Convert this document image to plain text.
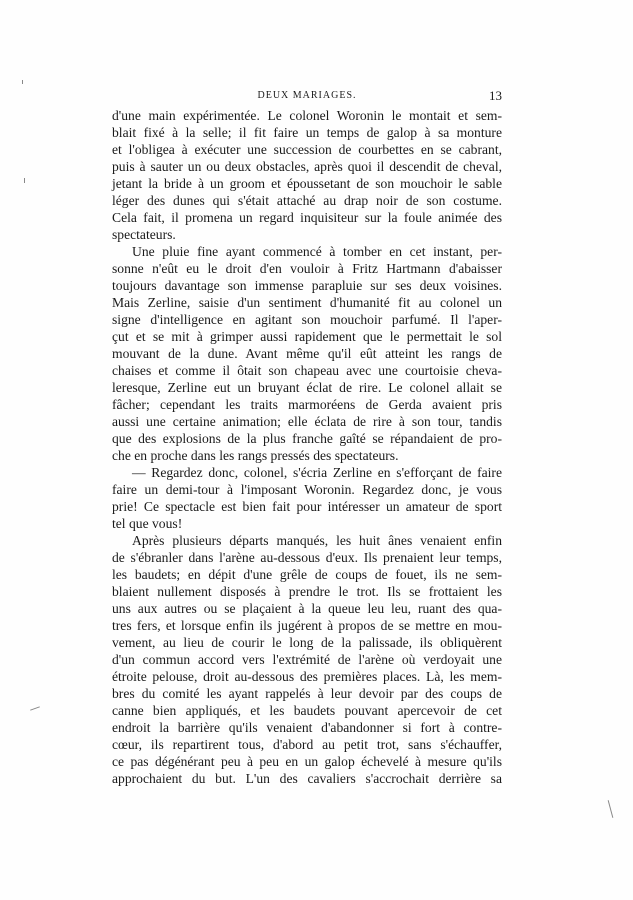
DEUX MARIAGES.	13
d'une main expérimentée. Le colonel Woronin le montait et sem-
blait fixé à la selle; il fit faire un temps de galop à sa monture
et l'obligea à exécuter une succession de courbettes en se cabrant,
puis à sauter un ou deux obstacles, après quoi il descendit de cheval,
jetant la bride à un groom et époussetant de son mouchoir le sable
léger des dunes qui s'était attaché au drap noir de son costume.
Cela fait, il promena un regard inquisiteur sur la foule animée des
spectateurs.
Une pluie fine ayant commencé à tomber en cet instant, per-
sonne n'eût eu le droit d'en vouloir à Fritz Hartmann d'abaisser
toujours davantage son immense parapluie sur ses deux voisines.
Mais Zerline, saisie d'un sentiment d'humanité fit au colonel un
signe d'intelligence en agitant son mouchoir parfumé. Il l'aper-
çut et se mit à grimper aussi rapidement que le permettait le sol
mouvant de la dune. Avant même qu'il eût atteint les rangs de
chaises et comme il ôtait son chapeau avec une courtoisie cheva-
leresque, Zerline eut un bruyant éclat de rire. Le colonel allait se
fâcher; cependant les traits marmoréens de Gerda avaient pris
aussi une certaine animation; elle éclata de rire à son tour, tandis
que des explosions de la plus franche gaîté se répandaient de pro-
che en proche dans les rangs pressés des spectateurs.
— Regardez donc, colonel, s'écria Zerline en s'efforçant de faire
faire un demi-tour à l'imposant Woronin. Regardez donc, je vous
prie! Ce spectacle est bien fait pour intéresser un amateur de sport
tel que vous!
Après plusieurs départs manqués, les huit ânes venaient enfin
de s'ébranler dans l'arène au-dessous d'eux. Ils prenaient leur temps,
les baudets; en dépit d'une grêle de coups de fouet, ils ne sem-
blaient nullement disposés à prendre le trot. Ils se frottaient les
uns aux autres ou se plaçaient à la queue leu leu, ruant des qua-
tres fers, et lorsque enfin ils jugérent à propos de se mettre en mou-
vement, au lieu de courir le long de la palissade, ils obliquèrent
d'un commun accord vers l'extrémité de l'arène où verdoyait une
étroite pelouse, droit au-dessous des premières places. Là, les mem-
bres du comité les ayant rappelés à leur devoir par des coups de
canne bien appliqués, et les baudets pouvant apercevoir de cet
endroit la barrière qu'ils venaient d'abandonner si fort à contre-
cœur, ils repartirent tous, d'abord au petit trot, sans s'échauffer,
ce pas dégénérant peu à peu en un galop échevelé à mesure qu'ils
approchaient du but. L'un des cavaliers s'accrochait derrière sa
